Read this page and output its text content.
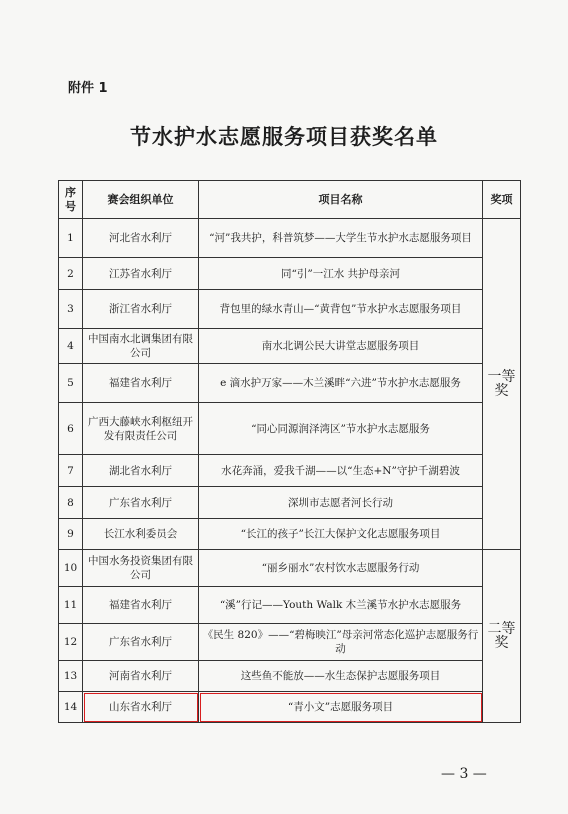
附件 1
节水护水志愿服务项目获奖名单
序号	赛会组织单位	项目名称	奖项
1	河北省水利厅	“河”我共护，科普筑梦——大学生节水护水志愿服务项目	一等奖
2	江苏省水利厅	同“引”一江水 共护母亲河	
3	浙江省水利厅	背包里的绿水青山—“黄背包”节水护水志愿服务项目	
4	中国南水北调集团有限公司	南水北调公民大讲堂志愿服务项目	
5	福建省水利厅	e 滴水护万家——木兰溪畔“六进”节水护水志愿服务	
6	广西大藤峡水利枢纽开发有限责任公司	“同心同源润泽湾区”节水护水志愿服务	
7	湖北省水利厅	水花奔涌，爱我千湖——以“生态+N”守护千湖碧波	
8	广东省水利厅	深圳市志愿者河长行动	
9	长江水利委员会	“长江的孩子”长江大保护文化志愿服务项目	
10	中国水务投资集团有限公司	“丽乡丽水”农村饮水志愿服务行动	二等奖
11	福建省水利厅	“溪”行记——Youth Walk 木兰溪节水护水志愿服务	
12	广东省水利厅	《民生 820》——“碧梅映江”母亲河常态化巡护志愿服务行动	
13	河南省水利厅	这些鱼不能放——水生态保护志愿服务项目	
14	山东省水利厅	“青小文”志愿服务项目	
— 3 —
